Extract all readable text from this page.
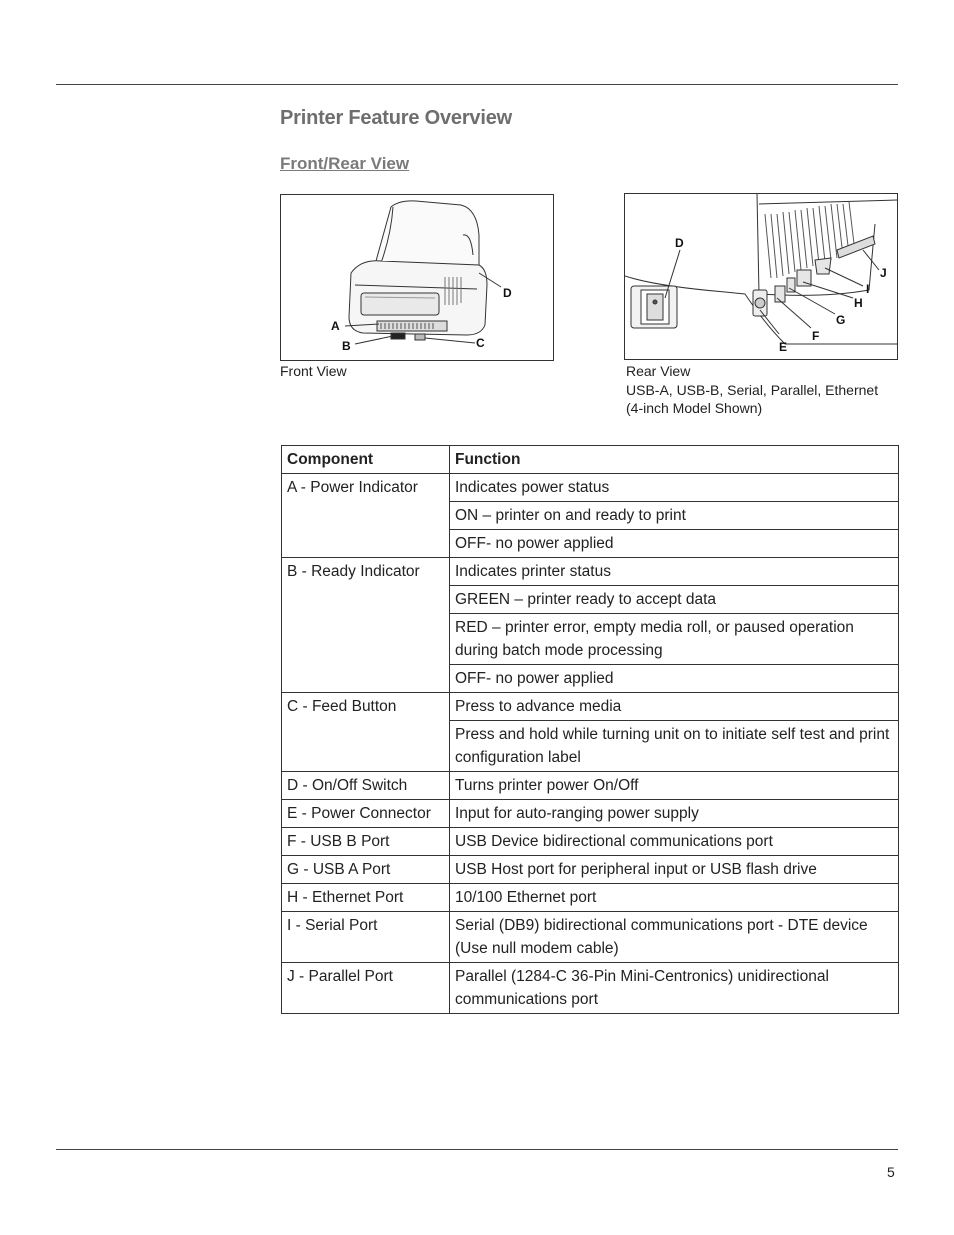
Printer Feature Overview
Front/Rear View
A
B	C
D
Front View
D
E
F
G
H
I
J
Rear View
USB-A, USB-B, Serial, Parallel, Ethernet
(4-inch Model Shown)
Component	Function
A - Power Indicator	Indicates power status
	ON – printer on and ready to print
	OFF- no power applied
B - Ready Indicator	Indicates printer status
	GREEN – printer ready to accept data
	RED – printer error, empty media roll, or paused operation during batch mode processing
	OFF- no power applied
C - Feed Button	Press to advance media
	Press and hold while turning unit on to initiate self test and print configuration label
D - On/Off Switch	Turns printer power On/Off
E - Power Connector	Input for auto-ranging power supply
F - USB B Port	USB Device bidirectional communications port
G - USB A Port	USB Host port for peripheral input or USB flash drive
H - Ethernet Port	10/100 Ethernet port
I - Serial Port	Serial (DB9) bidirectional communications port - DTE device (Use null modem cable)
J - Parallel Port	Parallel (1284-C 36-Pin Mini-Centronics) unidirectional communications port
5
